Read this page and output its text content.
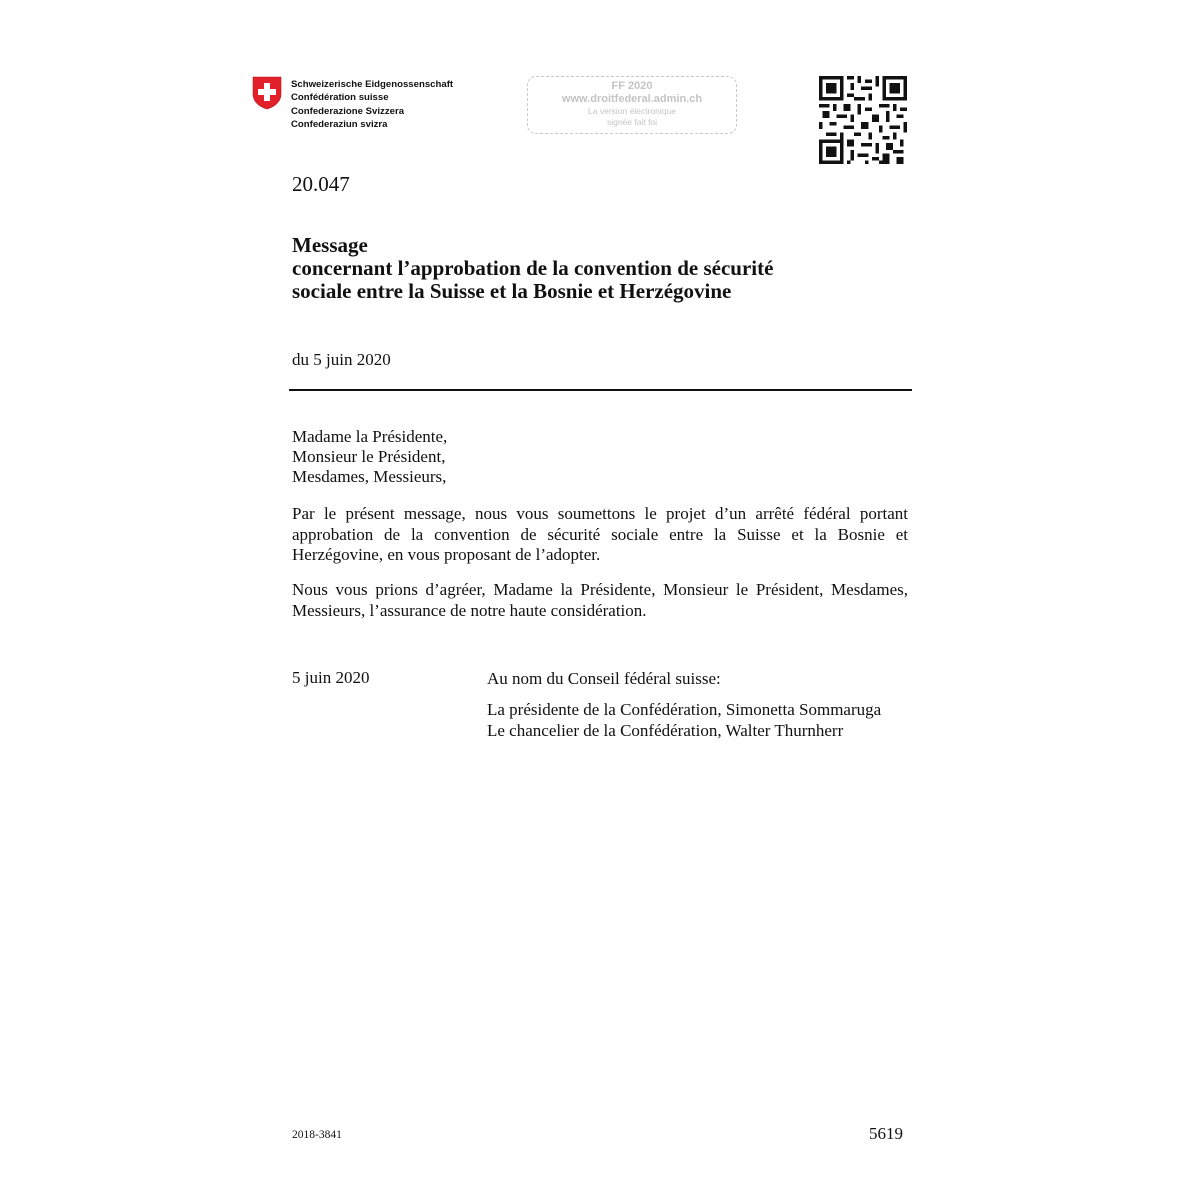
Schweizerische Eidgenossenschaft
Confédération suisse
Confederazione Svizzera
Confederaziun svizra
FF 2020
www.droitfederal.admin.ch
La version électronique
signée fait foi
20.047
Message
concernant l’approbation de la convention de sécurité
sociale entre la Suisse et la Bosnie et Herzégovine
du 5 juin 2020
Madame la Présidente,
Monsieur le Président,
Mesdames, Messieurs,
Par le présent message, nous vous soumettons le projet d’un arrêté fédéral portant approbation de la convention de sécurité sociale entre la Suisse et la Bosnie et Herzégovine, en vous proposant de l’adopter.
Nous vous prions d’agréer, Madame la Présidente, Monsieur le Président, Mesdames, Messieurs, l’assurance de notre haute considération.
5 juin 2020	Au nom du Conseil fédéral suisse:
La présidente de la Confédération, Simonetta Sommaruga
Le chancelier de la Confédération, Walter Thurnherr
2018-3841	5619
